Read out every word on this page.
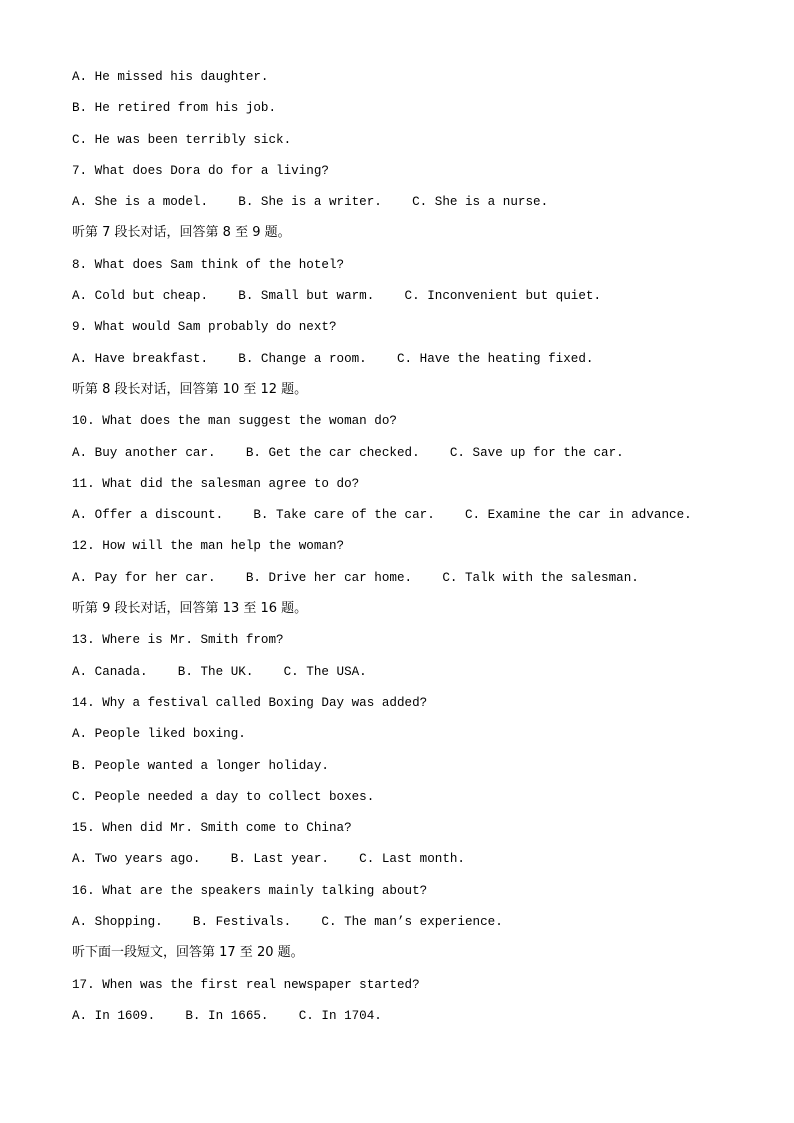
A. He missed his daughter.
B. He retired from his job.
C. He was been terribly sick.
7. What does Dora do for a living?
A. She is a model.    B. She is a writer.    C. She is a nurse.
听第 7 段长对话，回答第 8 至 9 题。
8. What does Sam think of the hotel?
A. Cold but cheap.    B. Small but warm.    C. Inconvenient but quiet.
9. What would Sam probably do next?
A. Have breakfast.    B. Change a room.    C. Have the heating fixed.
听第 8 段长对话，回答第 10 至 12 题。
10. What does the man suggest the woman do?
A. Buy another car.    B. Get the car checked.    C. Save up for the car.
11. What did the salesman agree to do?
A. Offer a discount.    B. Take care of the car.    C. Examine the car in advance.
12. How will the man help the woman?
A. Pay for her car.    B. Drive her car home.    C. Talk with the salesman.
听第 9 段长对话，回答第 13 至 16 题。
13. Where is Mr. Smith from?
A. Canada.    B. The UK.    C. The USA.
14. Why a festival called Boxing Day was added?
A. People liked boxing.
B. People wanted a longer holiday.
C. People needed a day to collect boxes.
15. When did Mr. Smith come to China?
A. Two years ago.    B. Last year.    C. Last month.
16. What are the speakers mainly talking about?
A. Shopping.    B. Festivals.    C. The man’s experience.
听下面一段短文，回答第 17 至 20 题。
17. When was the first real newspaper started?
A. In 1609.    B. In 1665.    C. In 1704.
